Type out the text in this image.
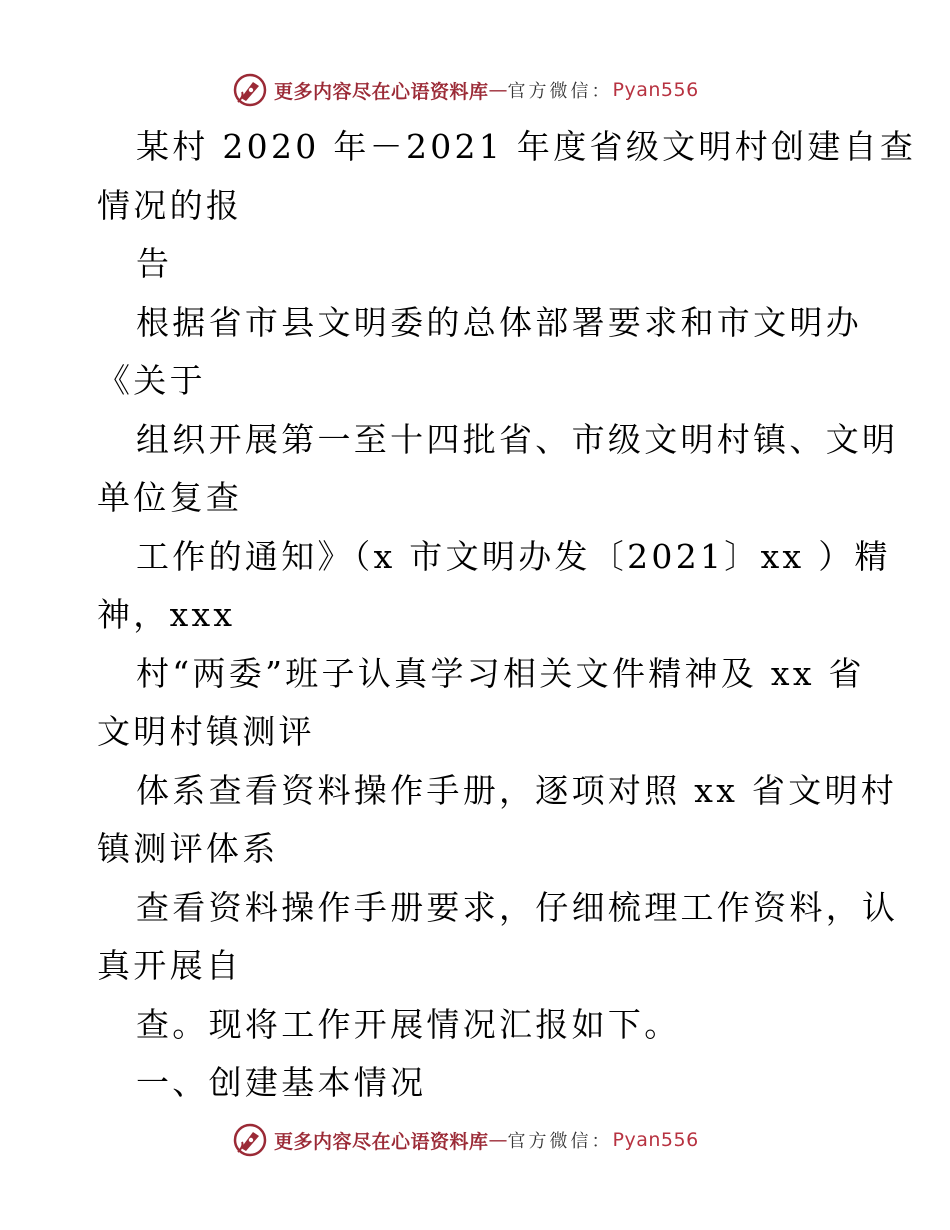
更多内容尽在心语资料库 — 官方微信： Pyan556
某村 2020 年－2021 年度省级文明村创建自查
情况的报
告
根据省市县文明委的总体部署要求和市文明办
《关于
组织开展第一至十四批省、市级文明村镇、文明
单位复查
工作的通知》（x 市文明办发〔2021〕xx ）精
神，xxx
村“两委”班子认真学习相关文件精神及 xx 省
文明村镇测评
体系查看资料操作手册，逐项对照 xx 省文明村
镇测评体系
查看资料操作手册要求，仔细梳理工作资料，认
真开展自
查。现将工作开展情况汇报如下。
一、创建基本情况
更多内容尽在心语资料库 — 官方微信： Pyan556
